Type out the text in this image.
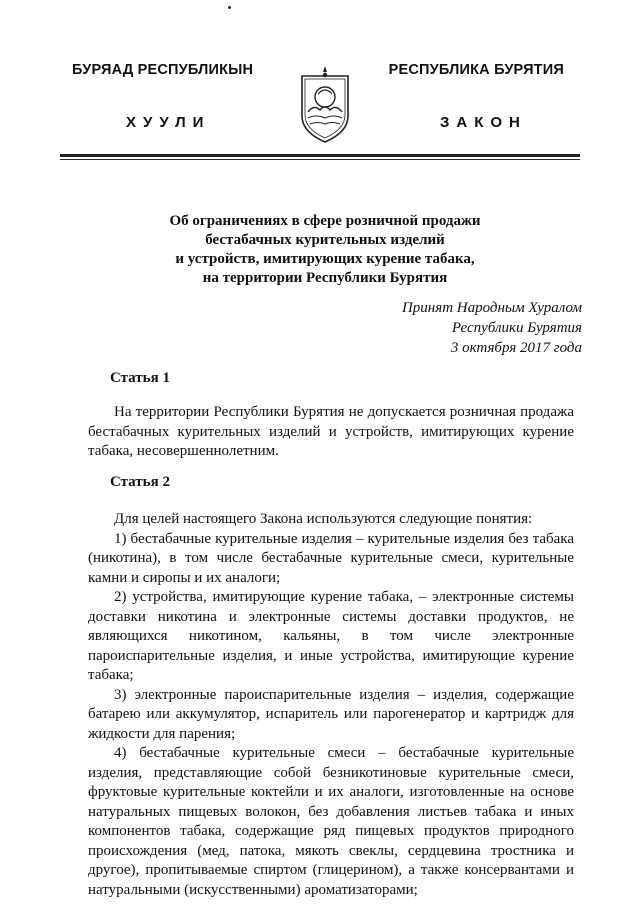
БУРЯАД РЕСПУБЛИКЫН	РЕСПУБЛИКА БУРЯТИЯ
ХУУЛИ	ЗАКОН
Об ограничениях в сфере розничной продажи
бестабачных курительных изделий
и устройств, имитирующих курение табака,
на территории Республики Бурятия
Принят Народным Хуралом
Республики Бурятия
3 октября 2017 года
Статья 1

На территории Республики Бурятия не допускается розничная продажа бестабачных курительных изделий и устройств, имитирующих курение табака, несовершеннолетним.

Статья 2

Для целей настоящего Закона используются следующие понятия:

1) бестабачные курительные изделия – курительные изделия без табака (никотина), в том числе бестабачные курительные смеси, курительные камни и сиропы и их аналоги;

2) устройства, имитирующие курение табака, – электронные системы доставки никотина и электронные системы доставки продуктов, не являющихся никотином, кальяны, в том числе электронные пароиспарительные изделия, и иные устройства, имитирующие курение табака;

3) электронные пароиспарительные изделия – изделия, содержащие батарею или аккумулятор, испаритель или парогенератор и картридж для жидкости для парения;

4) бестабачные курительные смеси – бестабачные курительные изделия, представляющие собой безникотиновые курительные смеси, фруктовые курительные коктейли и их аналоги, изготовленные на основе натуральных пищевых волокон, без добавления листьев табака и иных компонентов табака, содержащие ряд пищевых продуктов природного происхождения (мед, патока, мякоть свеклы, сердцевина тростника и другое), пропитываемые спиртом (глицерином), а также консервантами и натуральными (искусственными) ароматизаторами;
